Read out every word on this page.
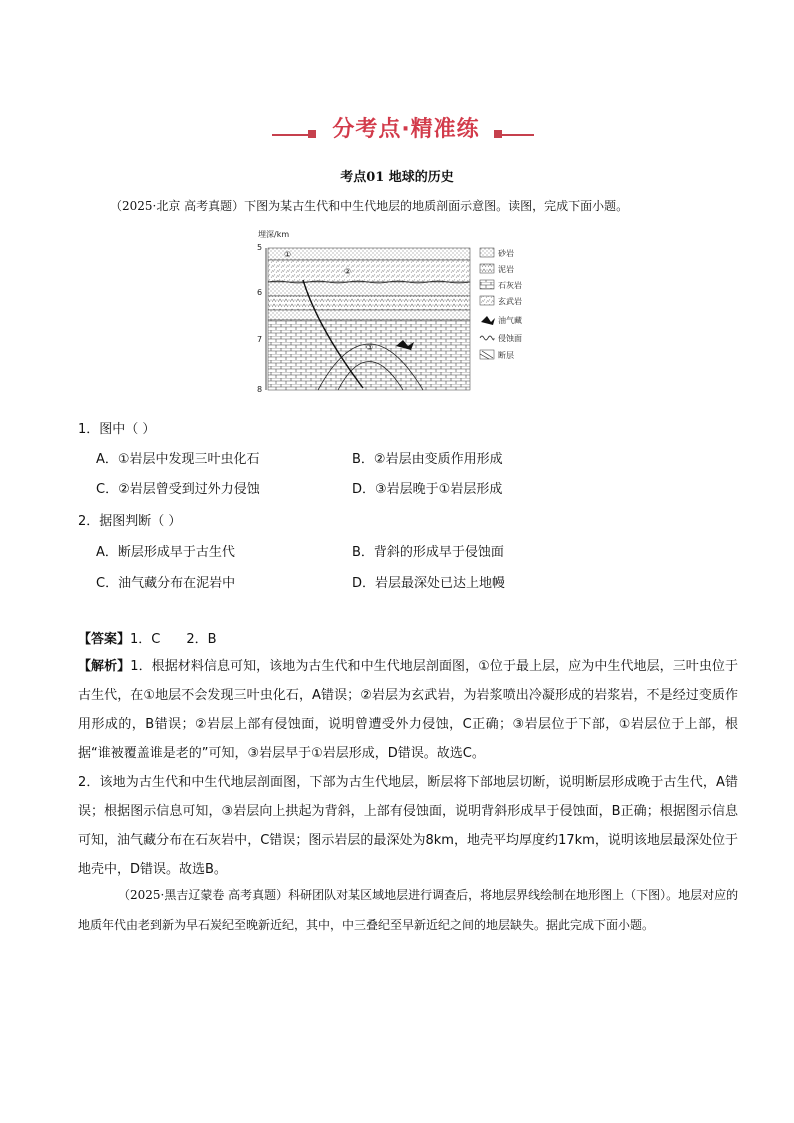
分考点·精准练
考点01 地球的历史
（2025·北京 高考真题）下图为某古生代和中生代地层的地质剖面示意图。读图，完成下面小题。
埋深/km
5
6
7
8
①
②
③
砂岩
泥岩
石灰岩
玄武岩
油气藏
侵蚀面
断层
1．图中（ ）
A．①岩层中发现三叶虫化石	B．②岩层由变质作用形成
C．②岩层曾受到过外力侵蚀	D．③岩层晚于①岩层形成
2．据图判断（ ）
A．断层形成早于古生代	B．背斜的形成早于侵蚀面
C．油气藏分布在泥岩中	D．岩层最深处已达上地幔
【答案】1．C　　2．B

【解析】1．根据材料信息可知，该地为古生代和中生代地层剖面图，①位于最上层，应为中生代地层，三叶虫位于古生代，在①地层不会发现三叶虫化石，A错误；②岩层为玄武岩，为岩浆喷出冷凝形成的岩浆岩，不是经过变质作用形成的，B错误；②岩层上部有侵蚀面，说明曾遭受外力侵蚀，C正确；③岩层位于下部，①岩层位于上部，根据“谁被覆盖谁是老的”可知，③岩层早于①岩层形成，D错误。故选C。

2．该地为古生代和中生代地层剖面图，下部为古生代地层，断层将下部地层切断，说明断层形成晚于古生代，A错误；根据图示信息可知，③岩层向上拱起为背斜，上部有侵蚀面，说明背斜形成早于侵蚀面，B正确；根据图示信息可知，油气藏分布在石灰岩中，C错误；图示岩层的最深处为8km，地壳平均厚度约17km，说明该地层最深处位于地壳中，D错误。故选B。

（2025·黑吉辽蒙卷 高考真题）科研团队对某区域地层进行调查后，将地层界线绘制在地形图上（下图）。地层对应的地质年代由老到新为早石炭纪至晚新近纪，其中，中三叠纪至早新近纪之间的地层缺失。据此完成下面小题。
